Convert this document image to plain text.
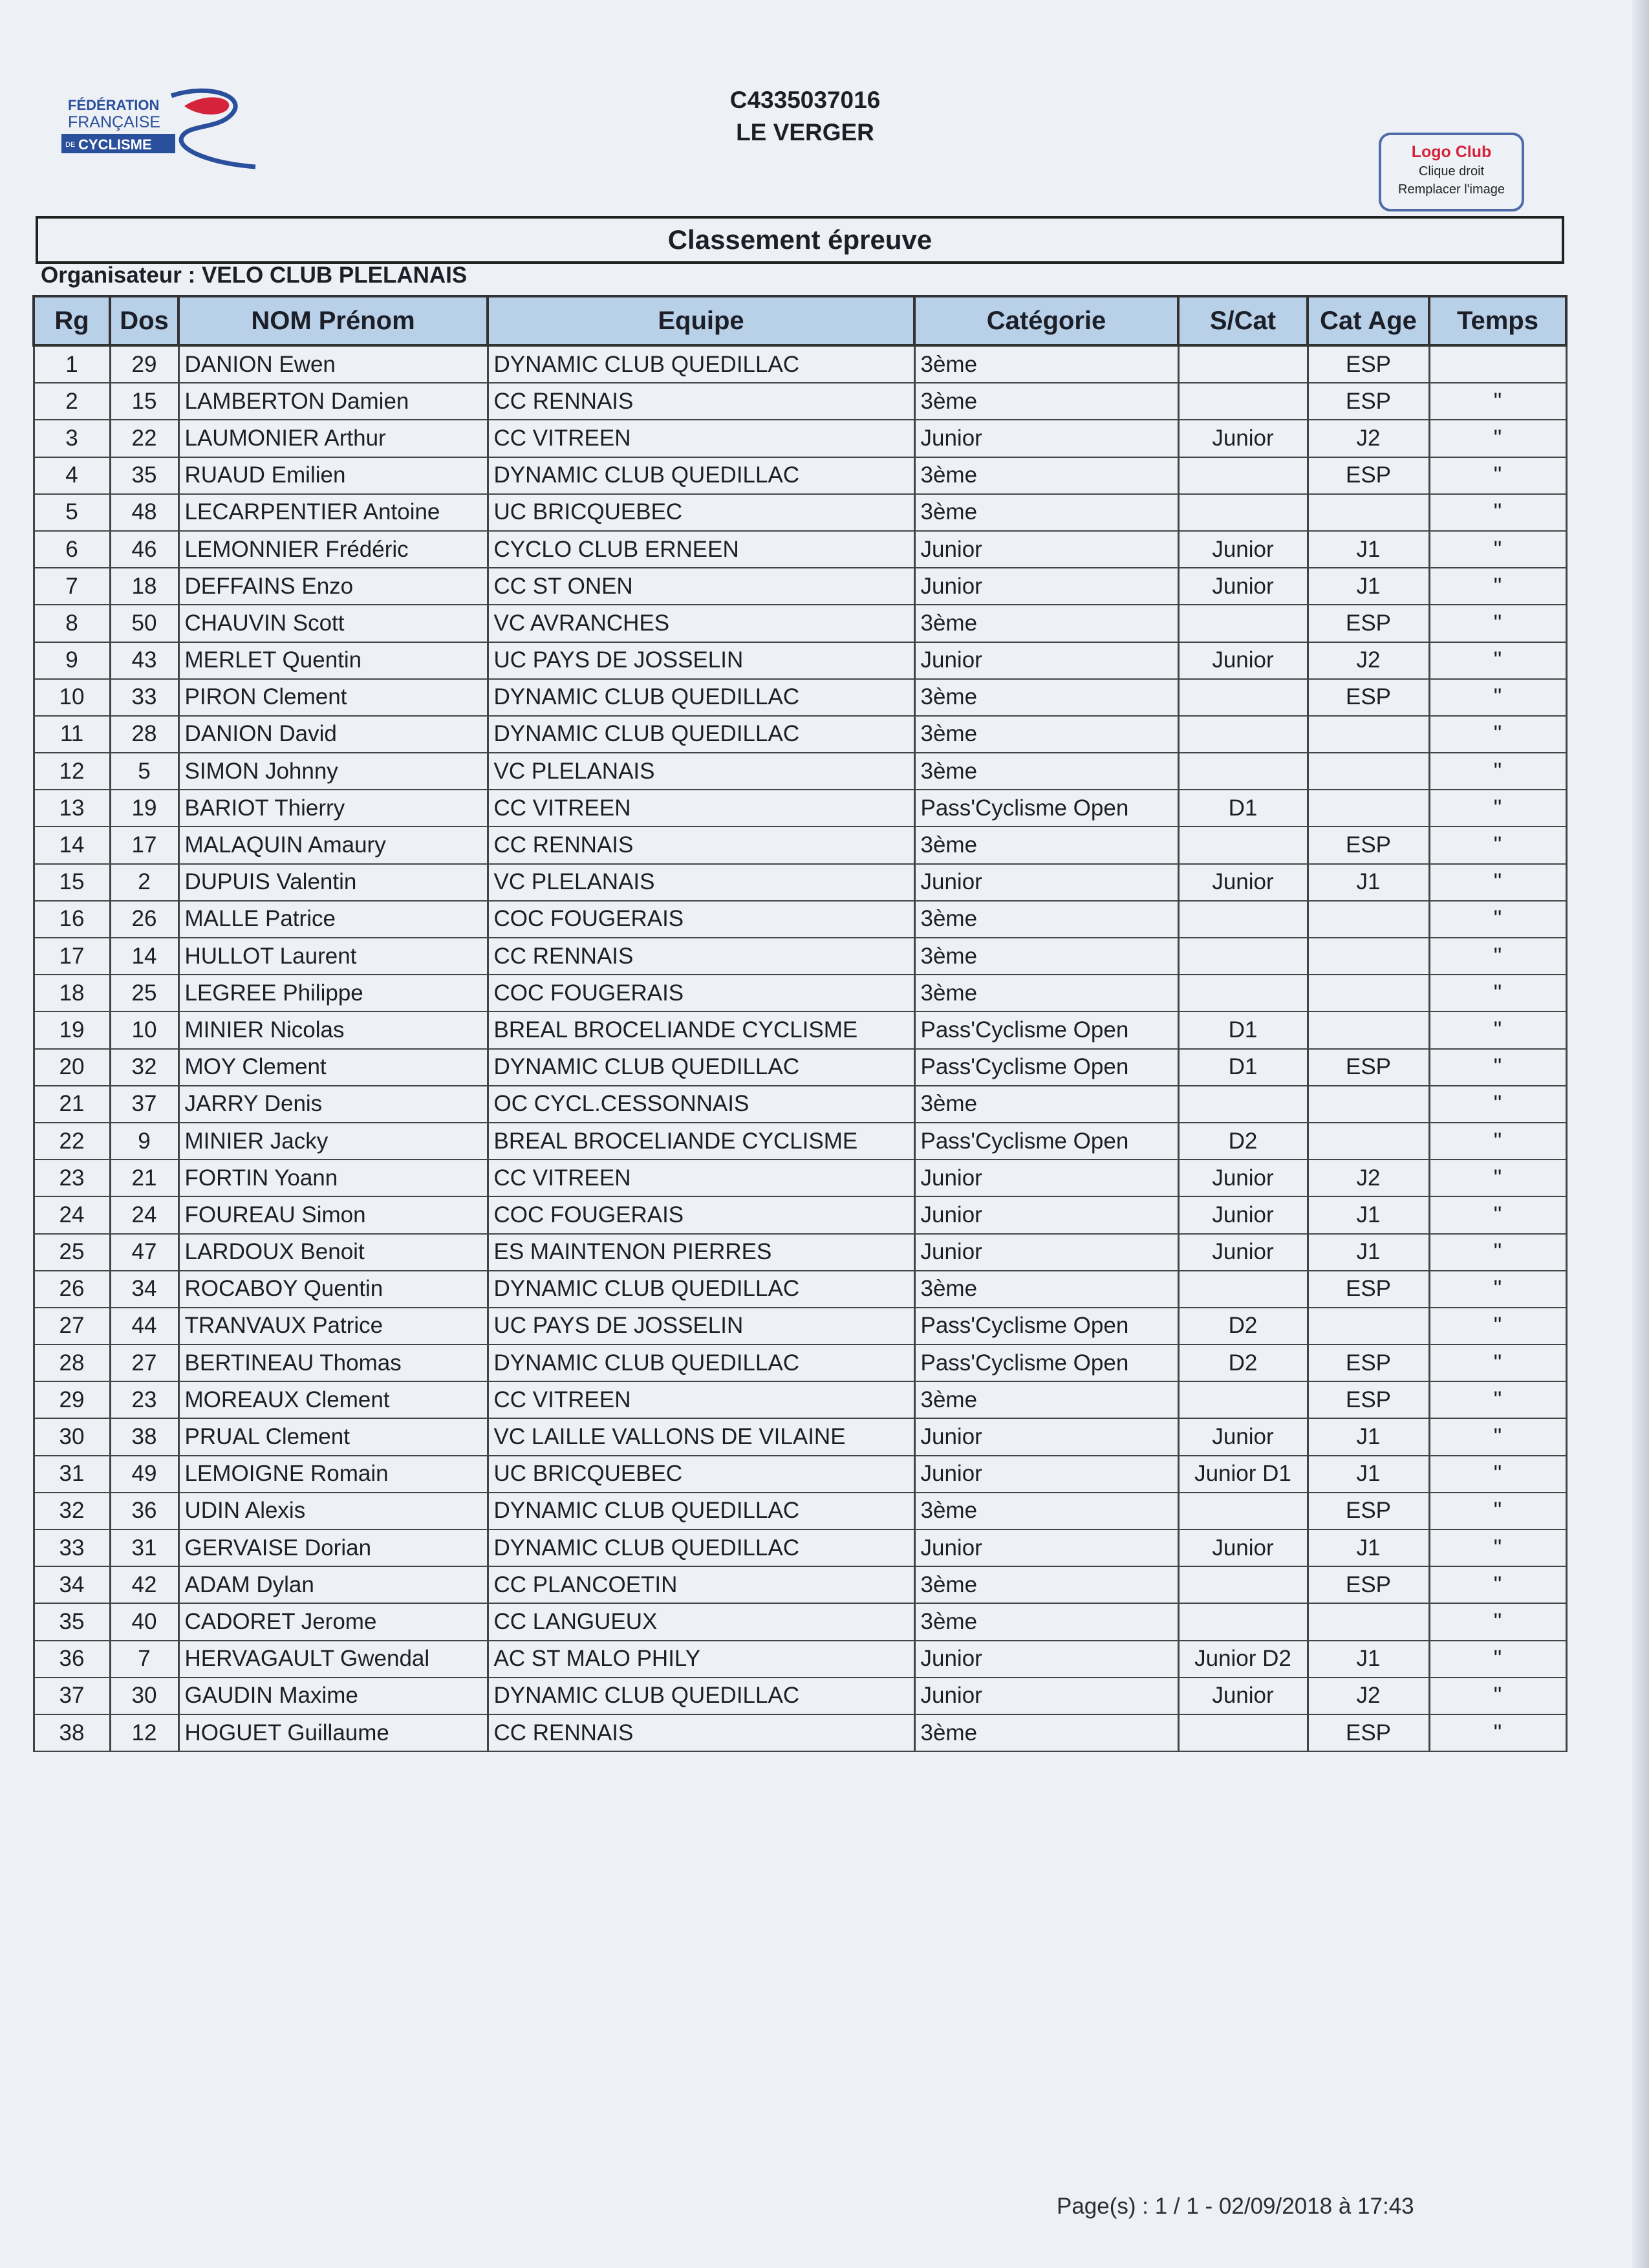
FÉDÉRATION
FRANÇAISE
DE CYCLISME
C4335037016
LE VERGER
Logo Club
Clique droit
Remplacer l'image
Classement épreuve
Organisateur : VELO CLUB PLELANAIS
Rg	Dos	NOM Prénom	Equipe	Catégorie	S/Cat	Cat Age	Temps
1	29	DANION Ewen	DYNAMIC CLUB QUEDILLAC	3ème		ESP	
2	15	LAMBERTON Damien	CC RENNAIS	3ème		ESP	"
3	22	LAUMONIER Arthur	CC VITREEN	Junior	Junior	J2	"
4	35	RUAUD Emilien	DYNAMIC CLUB QUEDILLAC	3ème		ESP	"
5	48	LECARPENTIER Antoine	UC BRICQUEBEC	3ème			"
6	46	LEMONNIER Frédéric	CYCLO CLUB ERNEEN	Junior	Junior	J1	"
7	18	DEFFAINS Enzo	CC ST ONEN	Junior	Junior	J1	"
8	50	CHAUVIN Scott	VC AVRANCHES	3ème		ESP	"
9	43	MERLET Quentin	UC PAYS DE JOSSELIN	Junior	Junior	J2	"
10	33	PIRON Clement	DYNAMIC CLUB QUEDILLAC	3ème		ESP	"
11	28	DANION David	DYNAMIC CLUB QUEDILLAC	3ème			"
12	5	SIMON Johnny	VC PLELANAIS	3ème			"
13	19	BARIOT Thierry	CC VITREEN	Pass'Cyclisme Open	D1		"
14	17	MALAQUIN Amaury	CC RENNAIS	3ème		ESP	"
15	2	DUPUIS Valentin	VC PLELANAIS	Junior	Junior	J1	"
16	26	MALLE Patrice	COC FOUGERAIS	3ème			"
17	14	HULLOT Laurent	CC RENNAIS	3ème			"
18	25	LEGREE Philippe	COC FOUGERAIS	3ème			"
19	10	MINIER Nicolas	BREAL BROCELIANDE CYCLISME	Pass'Cyclisme Open	D1		"
20	32	MOY Clement	DYNAMIC CLUB QUEDILLAC	Pass'Cyclisme Open	D1	ESP	"
21	37	JARRY Denis	OC CYCL.CESSONNAIS	3ème			"
22	9	MINIER Jacky	BREAL BROCELIANDE CYCLISME	Pass'Cyclisme Open	D2		"
23	21	FORTIN Yoann	CC VITREEN	Junior	Junior	J2	"
24	24	FOUREAU Simon	COC FOUGERAIS	Junior	Junior	J1	"
25	47	LARDOUX Benoit	ES MAINTENON PIERRES	Junior	Junior	J1	"
26	34	ROCABOY Quentin	DYNAMIC CLUB QUEDILLAC	3ème		ESP	"
27	44	TRANVAUX Patrice	UC PAYS DE JOSSELIN	Pass'Cyclisme Open	D2		"
28	27	BERTINEAU Thomas	DYNAMIC CLUB QUEDILLAC	Pass'Cyclisme Open	D2	ESP	"
29	23	MOREAUX Clement	CC VITREEN	3ème		ESP	"
30	38	PRUAL Clement	VC LAILLE VALLONS DE VILAINE	Junior	Junior	J1	"
31	49	LEMOIGNE Romain	UC BRICQUEBEC	Junior	Junior D1	J1	"
32	36	UDIN Alexis	DYNAMIC CLUB QUEDILLAC	3ème		ESP	"
33	31	GERVAISE Dorian	DYNAMIC CLUB QUEDILLAC	Junior	Junior	J1	"
34	42	ADAM Dylan	CC PLANCOETIN	3ème		ESP	"
35	40	CADORET Jerome	CC LANGUEUX	3ème			"
36	7	HERVAGAULT Gwendal	AC ST MALO PHILY	Junior	Junior D2	J1	"
37	30	GAUDIN Maxime	DYNAMIC CLUB QUEDILLAC	Junior	Junior	J2	"
38	12	HOGUET Guillaume	CC RENNAIS	3ème		ESP	"
Page(s) : 1 / 1 - 02/09/2018 à 17:43
